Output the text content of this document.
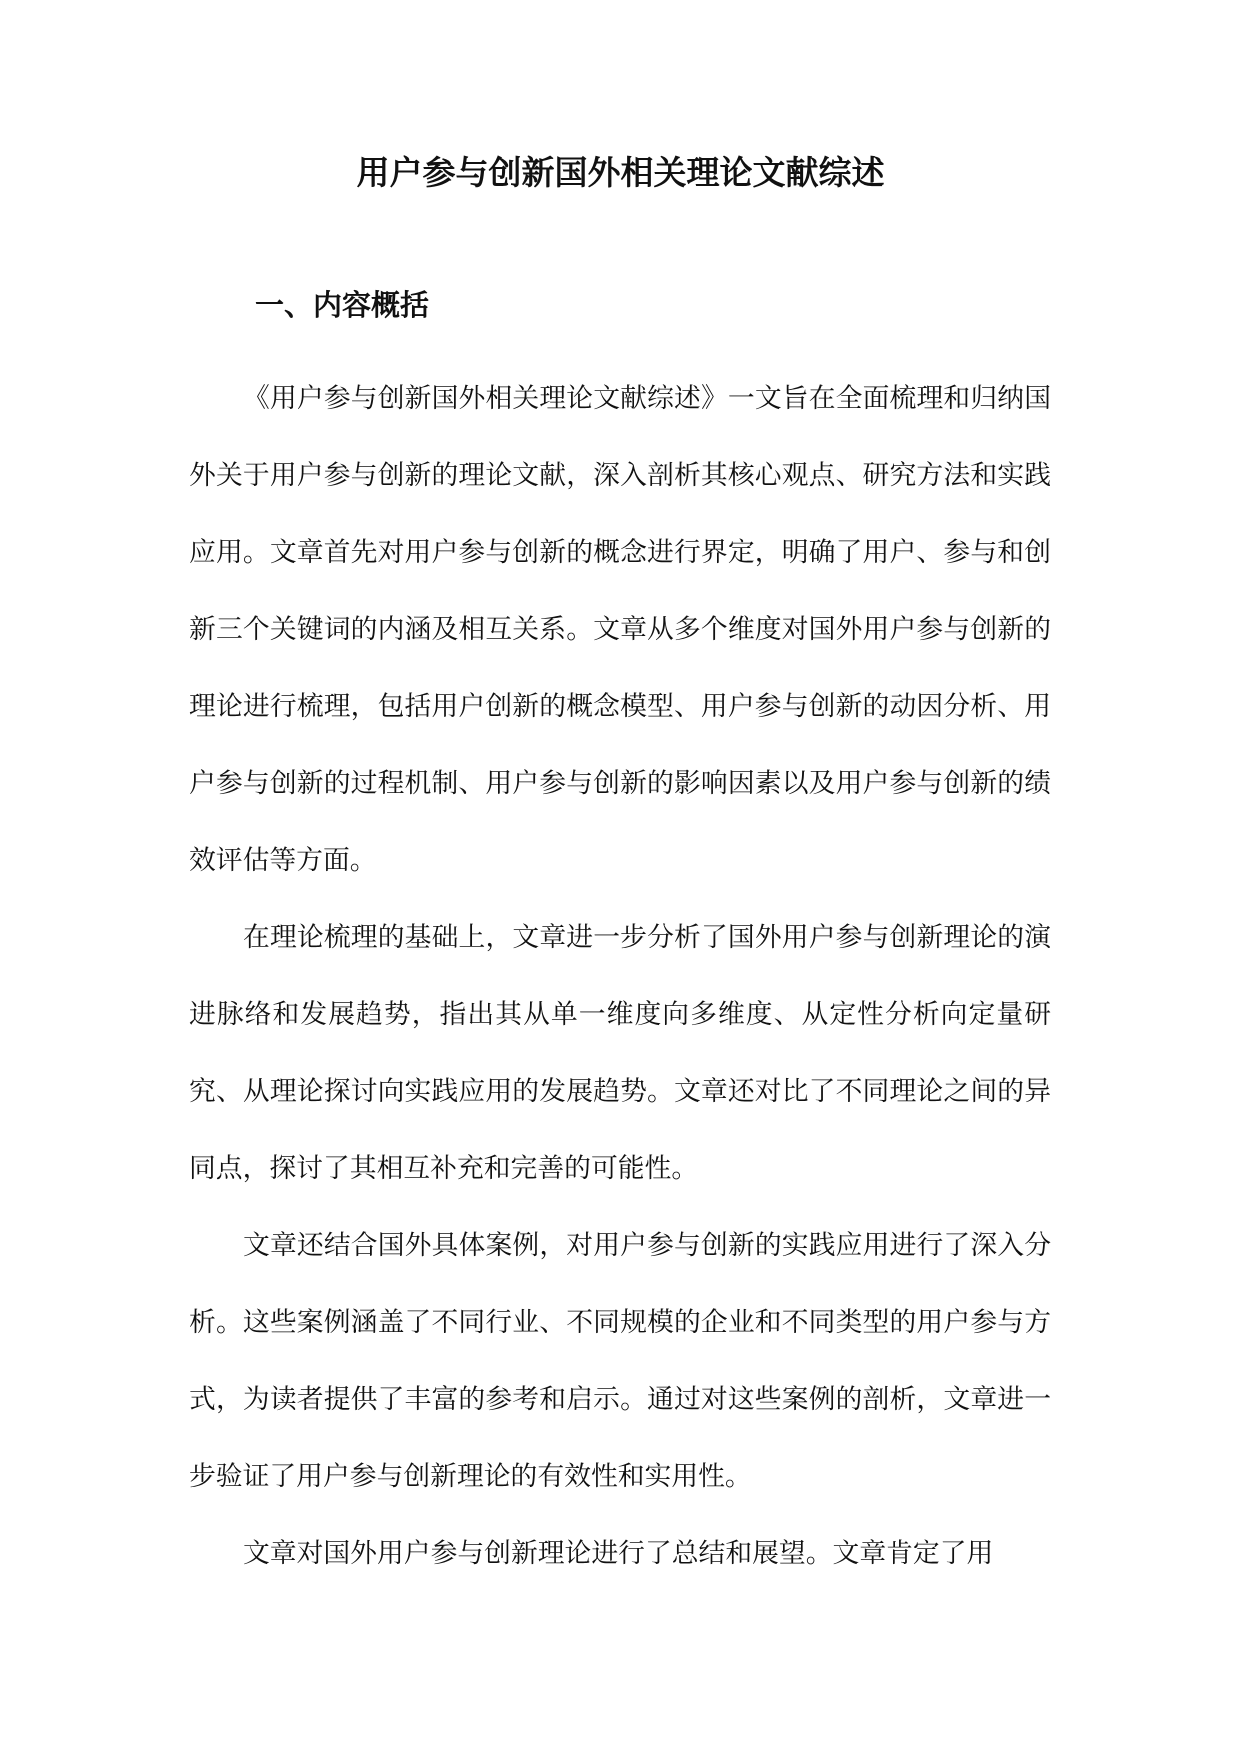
用户参与创新国外相关理论文献综述
一、内容概括

《用户参与创新国外相关理论文献综述》一文旨在全面梳理和归纳国外关于用户参与创新的理论文献，深入剖析其核心观点、研究方法和实践应用。文章首先对用户参与创新的概念进行界定，明确了用户、参与和创新三个关键词的内涵及相互关系。文章从多个维度对国外用户参与创新的理论进行梳理，包括用户创新的概念模型、用户参与创新的动因分析、用户参与创新的过程机制、用户参与创新的影响因素以及用户参与创新的绩效评估等方面。

在理论梳理的基础上，文章进一步分析了国外用户参与创新理论的演进脉络和发展趋势，指出其从单一维度向多维度、从定性分析向定量研究、从理论探讨向实践应用的发展趋势。文章还对比了不同理论之间的异同点，探讨了其相互补充和完善的可能性。

文章还结合国外具体案例，对用户参与创新的实践应用进行了深入分析。这些案例涵盖了不同行业、不同规模的企业和不同类型的用户参与方式，为读者提供了丰富的参考和启示。通过对这些案例的剖析，文章进一步验证了用户参与创新理论的有效性和实用性。

文章对国外用户参与创新理论进行了总结和展望。文章肯定了用
